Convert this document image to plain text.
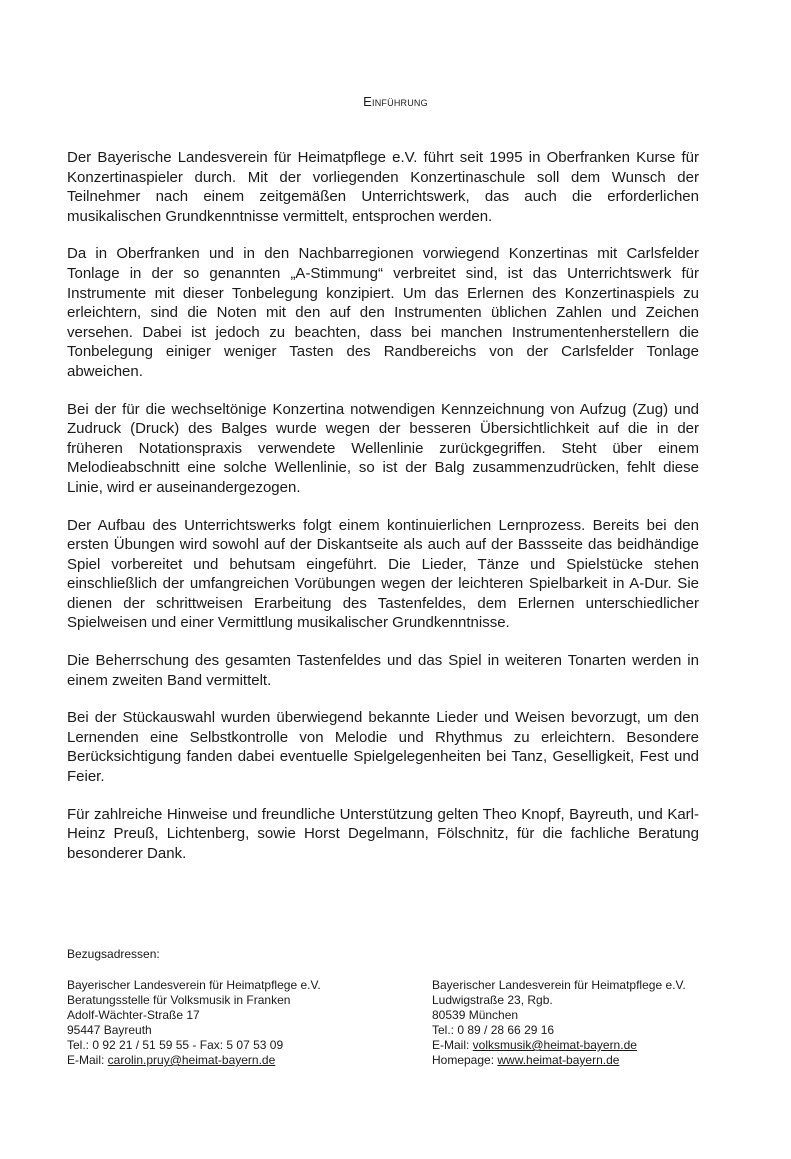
Einführung

Der Bayerische Landesverein für Heimatpflege e.V. führt seit 1995 in Oberfranken Kurse für Konzertinaspieler durch. Mit der vorliegenden Konzertinaschule soll dem Wunsch der Teilnehmer nach einem zeitgemäßen Unterrichtswerk, das auch die erforderlichen musikalischen Grundkenntnisse vermittelt, entsprochen werden.

Da in Oberfranken und in den Nachbarregionen vorwiegend Konzertinas mit Carlsfelder Tonlage in der so genannten „A-Stimmung“ verbreitet sind, ist das Unterrichtswerk für Instrumente mit dieser Tonbelegung konzipiert. Um das Erlernen des Konzertinaspiels zu erleichtern, sind die Noten mit den auf den Instrumenten üblichen Zahlen und Zeichen versehen. Dabei ist jedoch zu beachten, dass bei manchen Instrumentenherstellern die Tonbelegung einiger weniger Tasten des Randbereichs von der Carlsfelder Tonlage abweichen.

Bei der für die wechseltönige Konzertina notwendigen Kennzeichnung von Aufzug (Zug) und Zudruck (Druck) des Balges wurde wegen der besseren Übersichtlichkeit auf die in der früheren Notationspraxis verwendete Wellenlinie zurückgegriffen. Steht über einem Melodieabschnitt eine solche Wellenlinie, so ist der Balg zusammenzudrücken, fehlt diese Linie, wird er auseinandergezogen.

Der Aufbau des Unterrichtswerks folgt einem kontinuierlichen Lernprozess. Bereits bei den ersten Übungen wird sowohl auf der Diskantseite als auch auf der Bassseite das beidhändige Spiel vorbereitet und behutsam eingeführt. Die Lieder, Tänze und Spielstücke stehen einschließlich der umfangreichen Vorübungen wegen der leichteren Spielbarkeit in A-Dur. Sie dienen der schrittweisen Erarbeitung des Tastenfeldes, dem Erlernen unterschiedlicher Spielweisen und einer Vermittlung musikalischer Grundkenntnisse.

Die Beherrschung des gesamten Tastenfeldes und das Spiel in weiteren Tonarten werden in einem zweiten Band vermittelt.

Bei der Stückauswahl wurden überwiegend bekannte Lieder und Weisen bevorzugt, um den Lernenden eine Selbstkontrolle von Melodie und Rhythmus zu erleichtern. Besondere Berücksichtigung fanden dabei eventuelle Spielgelegenheiten bei Tanz, Geselligkeit, Fest und Feier.

Für zahlreiche Hinweise und freundliche Unterstützung gelten Theo Knopf, Bayreuth, und Karl-Heinz Preuß, Lichtenberg, sowie Horst Degelmann, Fölschnitz, für die fachliche Beratung besonderer Dank.

Bezugsadressen:
Bayerischer Landesverein für Heimatpflege e.V.
Beratungsstelle für Volksmusik in Franken
Adolf-Wächter-Straße 17
95447 Bayreuth
Tel.: 0 92 21 / 51 59 55 - Fax: 5 07 53 09
E-Mail: carolin.pruy@heimat-bayern.de
Bayerischer Landesverein für Heimatpflege e.V.
Ludwigstraße 23, Rgb.
80539 München
Tel.: 0 89 / 28 66 29 16
E-Mail: volksmusik@heimat-bayern.de
Homepage: www.heimat-bayern.de
